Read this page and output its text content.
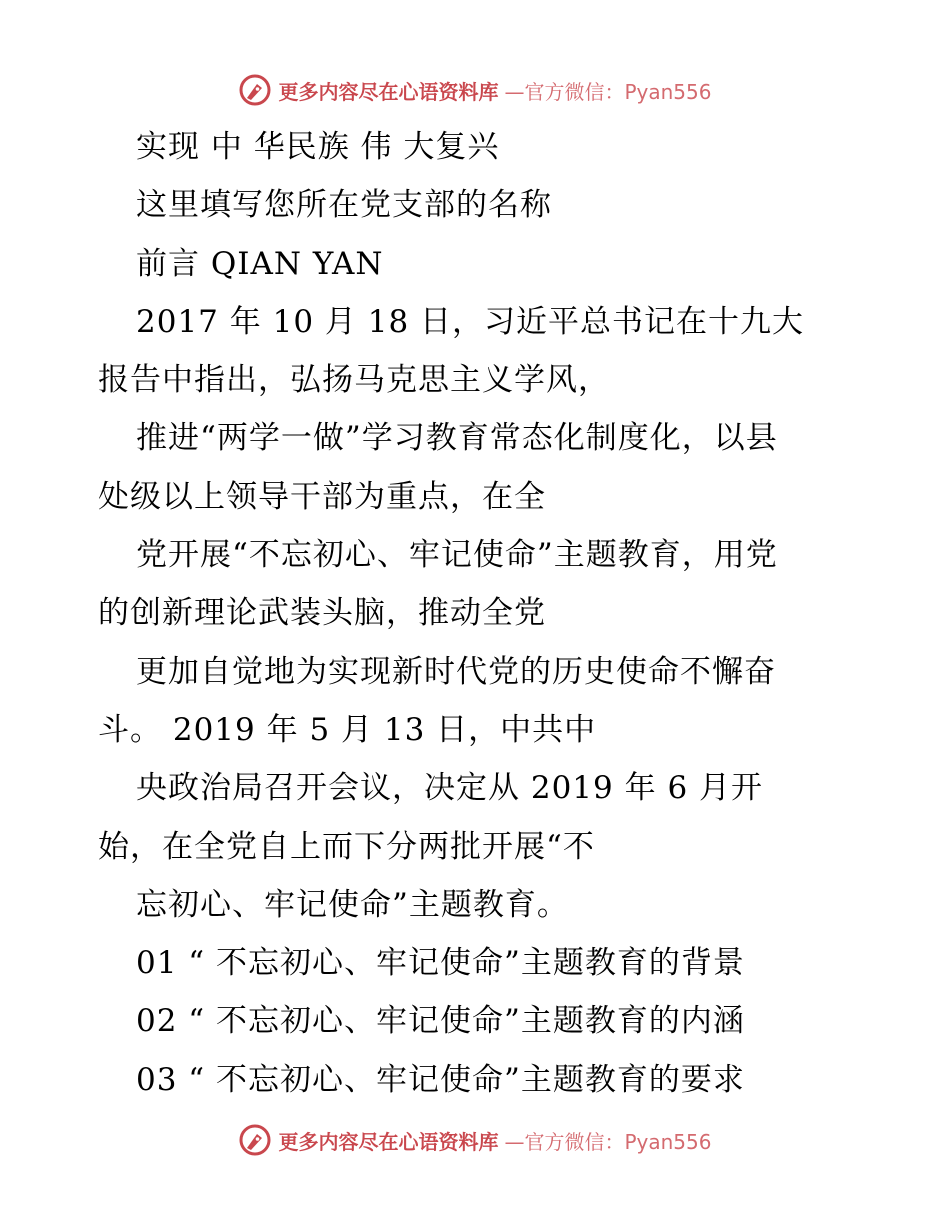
更多内容尽在心语资料库 —官方微信：Pyan556
实现 中 华民族 伟 大复兴
这里填写您所在党支部的名称
前言 QIAN YAN
2017 年 10 月 18 日，习近平总书记在十九大
报告中指出，弘扬马克思主义学风，
推进“两学一做”学习教育常态化制度化，以县
处级以上领导干部为重点，在全
党开展“不忘初心、牢记使命”主题教育，用党
的创新理论武装头脑，推动全党
更加自觉地为实现新时代党的历史使命不懈奋
斗。 2019 年 5 月 13 日，中共中
央政治局召开会议，决定从 2019 年 6 月开
始，在全党自上而下分两批开展“不
忘初心、牢记使命”主题教育。
01 “ 不忘初心、牢记使命”主题教育的背景
02 “ 不忘初心、牢记使命”主题教育的内涵
03 “ 不忘初心、牢记使命”主题教育的要求
更多内容尽在心语资料库 —官方微信：Pyan556
